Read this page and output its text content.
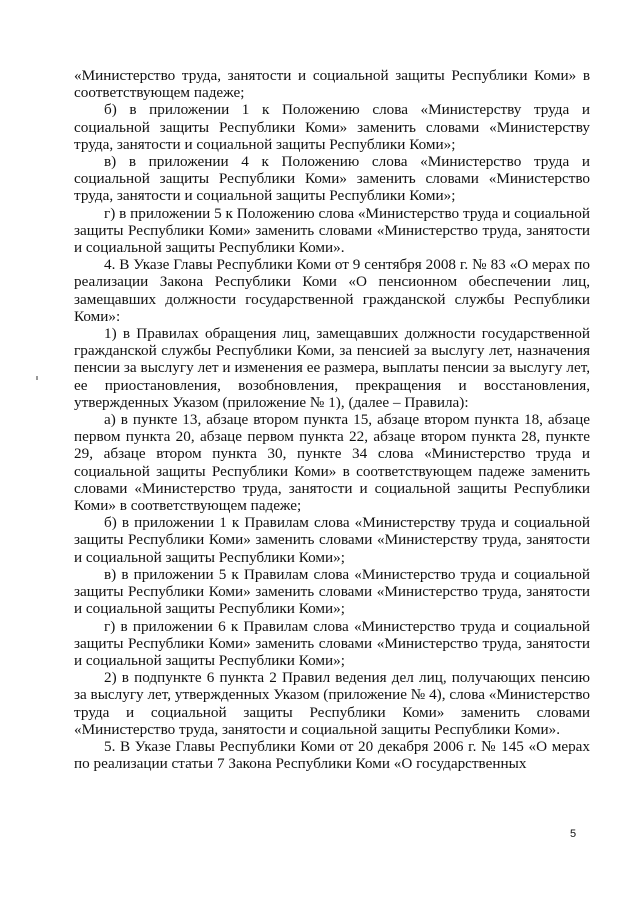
«Министерство труда, занятости и социальной защиты Республики Коми» в соответствующем падеже;

б) в приложении 1 к Положению слова «Министерству труда и социальной защиты Республики Коми» заменить словами «Министерству труда, занятости и социальной защиты Республики Коми»;

в) в приложении 4 к Положению слова «Министерство труда и социальной защиты Республики Коми» заменить словами «Министерство труда, занятости и социальной защиты Республики Коми»;

г) в приложении 5 к Положению слова «Министерство труда и социальной защиты Республики Коми» заменить словами «Министерство труда, занятости и социальной защиты Республики Коми».

4. В Указе Главы Республики Коми от 9 сентября 2008 г. № 83 «О мерах по реализации Закона Республики Коми «О пенсионном обеспечении лиц, замещавших должности государственной гражданской службы Республики Коми»:

1) в Правилах обращения лиц, замещавших должности государственной гражданской службы Республики Коми, за пенсией за выслугу лет, назначения пенсии за выслугу лет и изменения ее размера, выплаты пенсии за выслугу лет, ее приостановления, возобновления, прекращения и восстановления, утвержденных Указом (приложение № 1), (далее – Правила):

а) в пункте 13, абзаце втором пункта 15, абзаце втором пункта 18, абзаце первом пункта 20, абзаце первом пункта 22, абзаце втором пункта 28, пункте 29, абзаце втором пункта 30, пункте 34 слова «Министерство труда и социальной защиты Республики Коми» в соответствующем падеже заменить словами «Министерство труда, занятости и социальной защиты Республики Коми» в соответствующем падеже;

б) в приложении 1 к Правилам слова «Министерству труда и социальной защиты Республики Коми» заменить словами «Министерству труда, занятости и социальной защиты Республики Коми»;

в) в приложении 5 к Правилам слова «Министерство труда и социальной защиты Республики Коми» заменить словами «Министерство труда, занятости и социальной защиты Республики Коми»;

г) в приложении 6 к Правилам слова «Министерство труда и социальной защиты Республики Коми» заменить словами «Министерство труда, занятости и социальной защиты Республики Коми»;

2) в подпункте 6 пункта 2 Правил ведения дел лиц, получающих пенсию за выслугу лет, утвержденных Указом (приложение № 4), слова «Министерство труда и социальной защиты Республики Коми» заменить словами «Министерство труда, занятости и социальной защиты Республики Коми».

5. В Указе Главы Республики Коми от 20 декабря 2006 г. № 145 «О мерах по реализации статьи 7 Закона Республики Коми «О государственных

5
